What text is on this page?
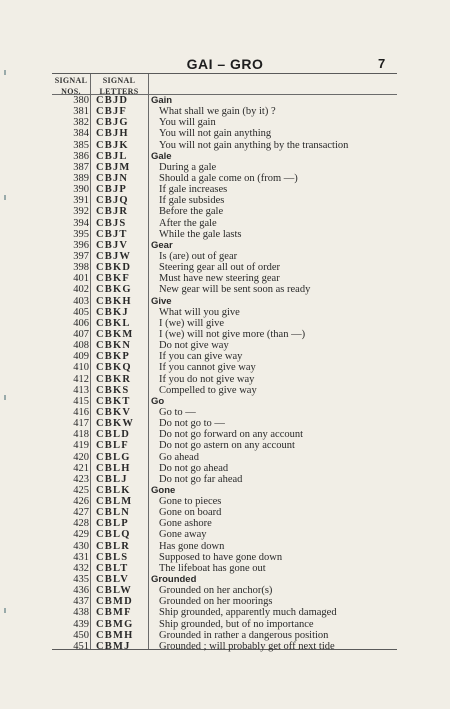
GAI – GRO	7
SIGNAL
NOS.
SIGNAL
LETTERS
380 CBJD Gain
381 CBJF	What shall we gain (by it) ?
382 CBJG	You will gain
384 CBJH	You will not gain anything
385 CBJK	You will not gain anything by the transaction
386 CBJL Gale
387 CBJM	During a gale
389 CBJN	Should a gale come on (from —)
390 CBJP	If gale increases
391 CBJQ	If gale subsides
392 CBJR	Before the gale
394 CBJS	After the gale
395 CBJT	While the gale lasts
396 CBJV Gear
397 CBJW	Is (are) out of gear
398 CBKD	Steering gear all out of order
401 CBKF	Must have new steering gear
402 CBKG	New gear will be sent soon as ready
403 CBKH Give
405 CBKJ	What will you give
406 CBKL	I (we) will give
407 CBKM I (we) will not give more (than —)
408 CBKN	Do not give way
409 CBKP	If you can give way
410 CBKQ	If you cannot give way
412 CBKR	If you do not give way
413 CBKS	Compelled to give way
415 CBKT Go
416 CBKV	Go to —
417 CBKW Do not go to —
418 CBLD	Do not go forward on any account
419 CBLF	Do not go astern on any account
420 CBLG	Go ahead
421 CBLH	Do not go ahead
423 CBLJ	Do not go far ahead
425 CBLK Gone
426 CBLM	Gone to pieces
427 CBLN	Gone on board
428 CBLP	Gone ashore
429 CBLQ	Gone away
430 CBLR	Has gone down
431 CBLS	Supposed to have gone down
432 CBLT	The lifeboat has gone out
435 CBLV Grounded
436 CBLW	Grounded on her anchor(s)
437 CBMD Grounded on her moorings
438 CBMF	Ship grounded, apparently much damaged
439 CBMG Ship grounded, but of no importance
450 CBMH Grounded in rather a dangerous position
451 CBMJ	Grounded ; will probably get off next tide
